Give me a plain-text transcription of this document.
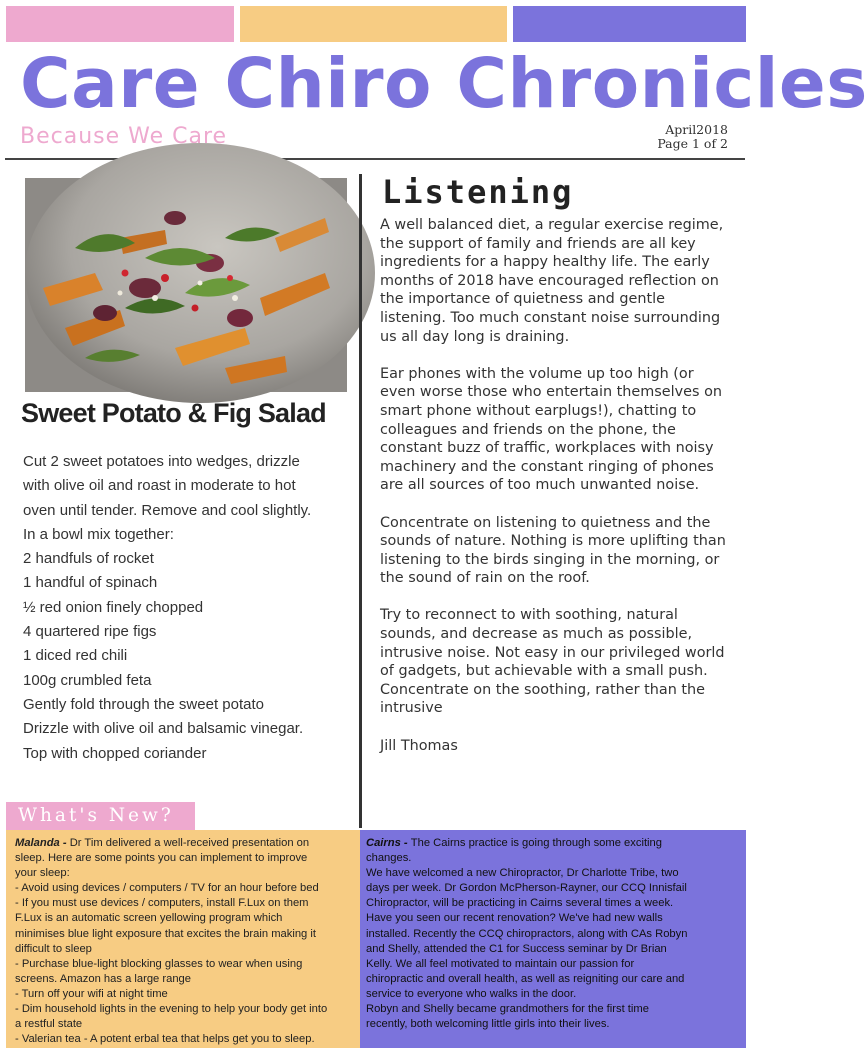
Care Chiro Chronicles
Because We Care	April2018
Page 1 of 2
Sweet Potato & Fig Salad
Cut 2 sweet potatoes into wedges, drizzle
with olive oil and roast in moderate to hot
oven until tender. Remove and cool slightly.
In a bowl mix together:
2 handfuls of rocket
1 handful of spinach
½ red onion finely chopped
4 quartered ripe figs
1 diced red chili
100g crumbled feta
Gently fold through the sweet potato
Drizzle with olive oil and balsamic vinegar.
Top with chopped coriander
Listening

A well balanced diet, a regular exercise regime, the support of family and friends are all key ingredients for a happy healthy life. The early months of 2018 have encouraged reflection on the importance of quietness and gentle listening. Too much constant noise surrounding us all day long is draining.

Ear phones with the volume up too high (or even worse those who entertain themselves on smart phone without earplugs!), chatting to colleagues and friends on the phone, the constant buzz of traffic, workplaces with noisy machinery and the constant ringing of phones are all sources of too much unwanted noise.

Concentrate on listening to quietness and the sounds of nature. Nothing is more uplifting than listening to the birds singing in the morning, or the sound of rain on the roof.

Try to reconnect to with soothing, natural sounds, and decrease as much as possible, intrusive noise. Not easy in our privileged world of gadgets, but achievable with a small push. Concentrate on the soothing, rather than the intrusive

Jill Thomas
What's New?
Malanda - Dr Tim delivered a well-received presentation on
sleep. Here are some points you can implement to improve
your sleep:
- Avoid using devices / computers / TV for an hour before bed
- If you must use devices / computers, install F.Lux on them
F.Lux is an automatic screen yellowing program which
minimises blue light exposure that excites the brain making it
difficult to sleep
- Purchase blue-light blocking glasses to wear when using
screens. Amazon has a large range
- Turn off your wifi at night time
- Dim household lights in the evening to help your body get into
a restful state
- Valerian tea - A potent erbal tea that helps get you to sleep.
Cairns - The Cairns practice is going through some exciting
changes.
We have welcomed a new Chiropractor, Dr Charlotte Tribe, two
days per week. Dr Gordon McPherson-Rayner, our CCQ Innisfail
Chiropractor, will be practicing in Cairns several times a week.
Have you seen our recent renovation? We've had new walls
installed. Recently the CCQ chiropractors, along with CAs Robyn
and Shelly, attended the C1 for Success seminar by Dr Brian
Kelly. We all feel motivated to maintain our passion for
chiropractic and overall health, as well as reigniting our care and
service to everyone who walks in the door.
Robyn and Shelly became grandmothers for the first time
recently, both welcoming little girls into their lives.
